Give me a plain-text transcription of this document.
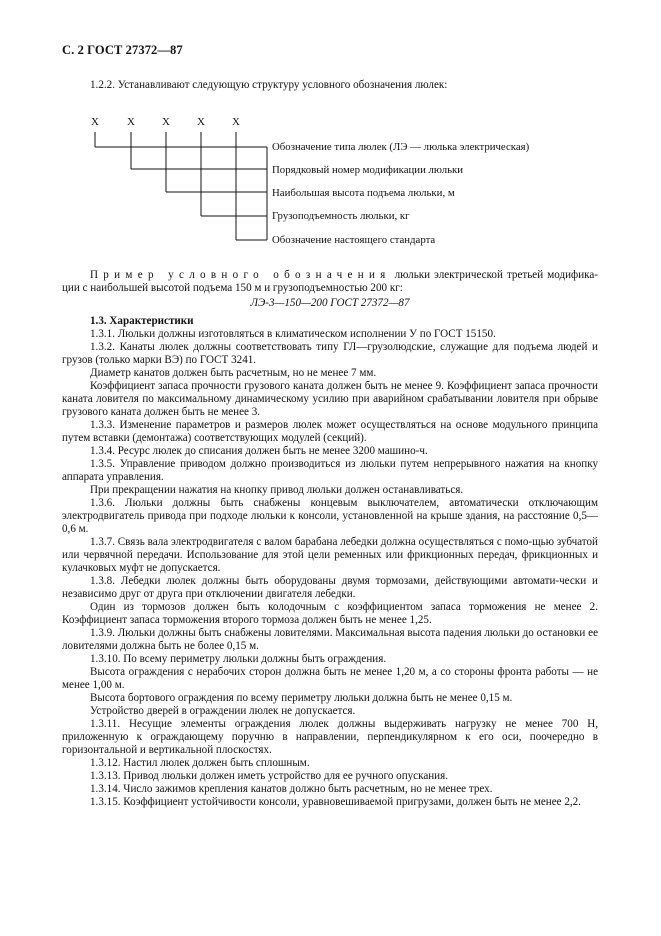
С. 2 ГОСТ 27372—87
1.2.2. Устанавливают следующую структуру условного обозначения люлек:
X	X X X X
Обозначение типа люлек (ЛЭ — люлька электрическая)
Порядковый номер модификации люльки
Наибольшая высота подъема люльки, м
Грузоподъемность люльки, кг
Обозначение настоящего стандарта

Пример условного обозначения люльки электрической третьей модифика-ции с наибольшей высотой подъема 150 м и грузоподъемностью 200 кг:

ЛЭ-3—150—200 ГОСТ 27372—87

1.3. Характеристики

1.3.1. Люльки должны изготовляться в климатическом исполнении У по ГОСТ 15150.

1.3.2. Канаты люлек должны соответствовать типу ГЛ—грузолюдские, служащие для подъема людей и грузов (только марки ВЭ) по ГОСТ 3241.

Диаметр канатов должен быть расчетным, но не менее 7 мм.

Коэффициент запаса прочности грузового каната должен быть не менее 9. Коэффициент запаса прочности каната ловителя по максимальному динамическому усилию при аварийном срабатывании ловителя при обрыве грузового каната должен быть не менее 3.

1.3.3. Изменение параметров и размеров люлек может осуществляться на основе модульного принципа путем вставки (демонтажа) соответствующих модулей (секций).

1.3.4. Ресурс люлек до списания должен быть не менее 3200 машино-ч.

1.3.5. Управление приводом должно производиться из люльки путем непрерывного нажатия на кнопку аппарата управления.

При прекращении нажатия на кнопку привод люльки должен останавливаться.

1.3.6. Люльки должны быть снабжены концевым выключателем, автоматически отключающим электродвигатель привода при подходе люльки к консоли, установленной на крыше здания, на расстояние 0,5—0,6 м.

1.3.7. Связь вала электродвигателя с валом барабана лебедки должна осуществляться с помо-щью зубчатой или червячной передачи. Использование для этой цели ременных или фрикционных передач, фрикционных и кулачковых муфт не допускается.

1.3.8. Лебедки люлек должны быть оборудованы двумя тормозами, действующими автомати-чески и независимо друг от друга при отключении двигателя лебедки.

Один из тормозов должен быть колодочным с коэффициентом запаса торможения не менее 2. Коэффициент запаса торможения второго тормоза должен быть не менее 1,25.

1.3.9. Люльки должны быть снабжены ловителями. Максимальная высота падения люльки до остановки ее ловителями должна быть не более 0,15 м.

1.3.10. По всему периметру люльки должны быть ограждения.

Высота ограждения с нерабочих сторон должна быть не менее 1,20 м, а со стороны фронта работы — не менее 1,00 м.

Высота бортового ограждения по всему периметру люльки должна быть не менее 0,15 м.

Устройство дверей в ограждении люлек не допускается.

1.3.11. Несущие элементы ограждения люлек должны выдерживать нагрузку не менее 700 Н, приложенную к ограждающему поручню в направлении, перпендикулярном к его оси, поочередно в горизонтальной и вертикальной плоскостях.

1.3.12. Настил люлек должен быть сплошным.

1.3.13. Привод люльки должен иметь устройство для ее ручного опускания.

1.3.14. Число зажимов крепления канатов должно быть расчетным, но не менее трех.

1.3.15. Коэффициент устойчивости консоли, уравновешиваемой пригрузами, должен быть не менее 2,2.
